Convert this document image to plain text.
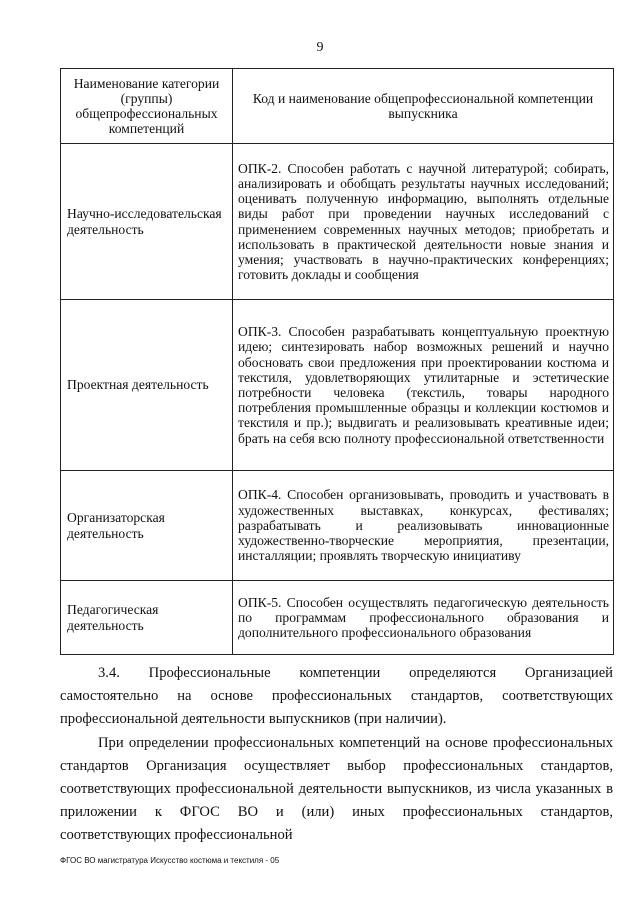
9
Наименование категории (группы) общепрофессиональных компетенций	Код и наименование общепрофессиональной компетенции выпускника
Научно-исследовательская деятельность	ОПК-2. Способен работать с научной литературой; собирать, анализировать и обобщать результаты научных исследований; оценивать полученную информацию, выполнять отдельные виды работ при проведении научных исследований с применением современных научных методов; приобретать и использовать в практической деятельности новые знания и умения; участвовать в научно-практических конференциях; готовить доклады и сообщения
Проектная деятельность	ОПК-3. Способен разрабатывать концептуальную проектную идею; синтезировать набор возможных решений и научно обосновать свои предложения при проектировании костюма и текстиля, удовлетворяющих утилитарные и эстетические потребности человека (текстиль, товары народного потребления промышленные образцы и коллекции костюмов и текстиля и пр.); выдвигать и реализовывать креативные идеи; брать на себя всю полноту профессиональной ответственности
Организаторская деятельность	ОПК-4. Способен организовывать, проводить и участвовать в художественных выставках, конкурсах, фестивалях; разрабатывать и реализовывать инновационные художественно-творческие мероприятия, презентации, инсталляции; проявлять творческую инициативу
Педагогическая деятельность	ОПК-5. Способен осуществлять педагогическую деятельность по программам профессионального образования и дополнительного профессионального образования

3.4. Профессиональные компетенции определяются Организацией самостоятельно на основе профессиональных стандартов, соответствующих профессиональной деятельности выпускников (при наличии).

При определении профессиональных компетенций на основе профессиональных стандартов Организация осуществляет выбор профессиональных стандартов, соответствующих профессиональной деятельности выпускников, из числа указанных в приложении к ФГОС ВО и (или) иных профессиональных стандартов, соответствующих профессиональной

ФГОС ВО магистратура Искусство костюма и текстиля - 05
